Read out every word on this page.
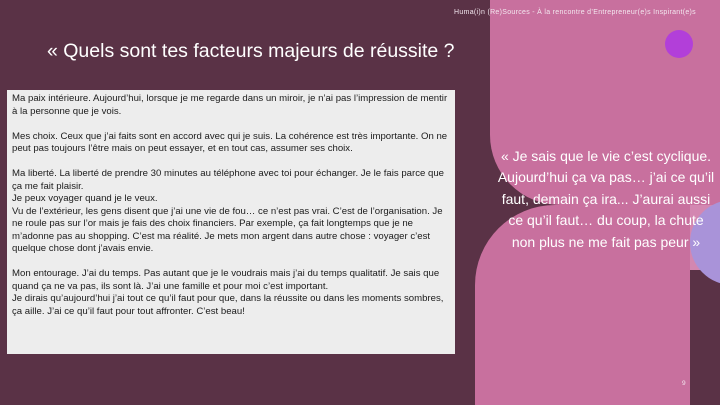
Huma(i)n (Re)Sources - À la rencontre d’Entrepreneur(e)s Inspirant(e)s
« Quels sont tes facteurs majeurs de réussite ?

Ma paix intérieure. Aujourd’hui, lorsque je me regarde dans un miroir, je n’ai pas l’impression de mentir à la personne que je vois.

Mes choix. Ceux que j’ai faits sont en accord avec qui je suis. La cohérence est très importante. On ne peut pas toujours l’être mais on peut essayer, et en tout cas, assumer ses choix.

Ma liberté. La liberté de prendre 30 minutes au téléphone avec toi pour échanger. Je le fais parce que ça me fait plaisir.
Je peux voyager quand je le veux.
Vu de l’extérieur, les gens disent que j’ai une vie de fou… ce n’est pas vrai. C’est de l’organisation. Je ne roule pas sur l’or mais je fais des choix financiers. Par exemple, ça fait longtemps que je ne m’adonne pas au shopping. C’est ma réalité. Je mets mon argent dans autre chose : voyager c’est quelque chose dont j’avais envie.

Mon entourage. J’ai du temps. Pas autant que je le voudrais mais j’ai du temps qualitatif. Je sais que quand ça ne va pas, ils sont là. J’ai une famille et pour moi c’est important.
Je dirais qu’aujourd’hui j’ai tout ce qu’il faut pour que, dans la réussite ou dans les moments sombres, ça aille. J’ai ce qu’il faut pour tout affronter. C’est beau!

« Je sais que le vie c’est cyclique. Aujourd’hui ça va pas… j’ai ce qu’il faut, demain ça ira... J’aurai aussi ce qu’il faut… du coup, la chute non plus ne me fait pas peur »
9
